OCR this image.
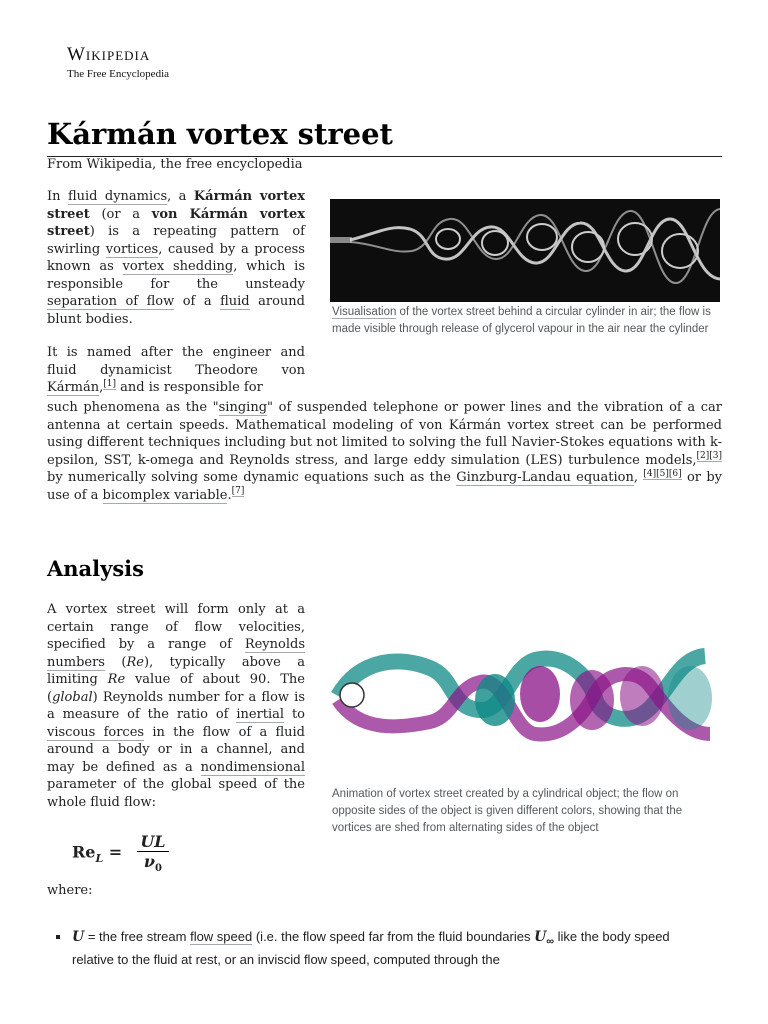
Wikipedia
The Free Encyclopedia
Kármán vortex street
From Wikipedia, the free encyclopedia

In fluid dynamics, a Kármán vortex street (or a von Kármán vortex street) is a repeating pattern of swirling vortices, caused by a process known as vortex shedding, which is responsible for the unsteady separation of flow of a fluid around blunt bodies.	Visualisation of the vortex street behind a circular cylinder in air; the flow is made visible through release of glycerol vapour in the air near the cylinder

It is named after the engineer and fluid dynamicist Theodore von Kármán,[1] and is responsible for

such phenomena as the "singing" of suspended telephone or power lines and the vibration of a car antenna at certain speeds. Mathematical modeling of von Kármán vortex street can be performed using different techniques including but not limited to solving the full Navier-Stokes equations with k-epsilon, SST, k-omega and Reynolds stress, and large eddy simulation (LES) turbulence models,[2][3] by numerically solving some dynamic equations such as the Ginzburg-Landau equation, [4][5][6] or by use of a bicomplex variable.[7]

Analysis

A vortex street will form only at a certain range of flow velocities, specified by a range of Reynolds numbers (Re), typically above a limiting Re value of about 90. The (global) Reynolds number for a flow is a measure of the ratio of inertial to viscous forces in the flow of a fluid around a body or in a channel, and may be defined as a nondimensional parameter of the global speed of the whole fluid flow:

Animation of vortex street created by a cylindrical object; the flow on opposite sides of the object is given different colors, showing that the vortices are shed from alternating sides of the object
$Re_L = \frac{UL}{\nu_0}$
where:
U = the free stream flow speed (i.e. the flow speed far from the fluid boundaries $U_\infty$ like the body speed relative to the fluid at rest, or an inviscid flow speed, computed through the
